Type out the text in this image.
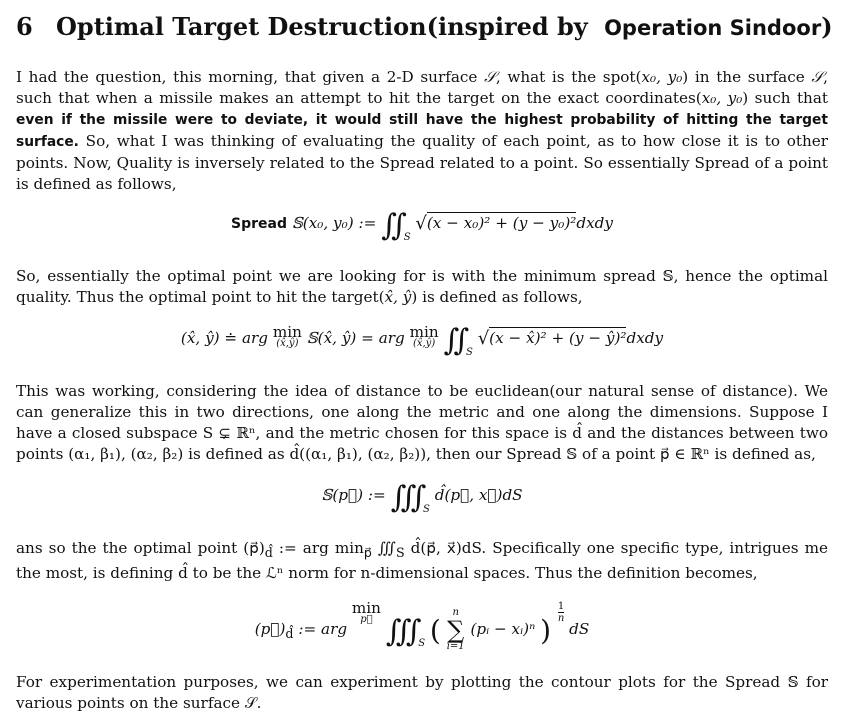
6 Optimal Target Destruction(inspired by Operation Sindoor)

I had the question, this morning, that given a 2-D surface 𝒮, what is the spot(x₀, y₀) in the surface 𝒮, such that when a missile makes an attempt to hit the target on the exact coordinates(x₀, y₀) such that even if the missile were to deviate, it would still have the highest probability of hitting the target surface. So, what I was thinking of evaluating the quality of each point, as to how close it is to other points. Now, Quality is inversely related to the Spread related to a point. So essentially Spread of a point is defined as follows,

Spread 𝕊(x₀, y₀) := ∬ $_S$ √(x − x₀)² + (y − y₀)²dxdy

So, essentially the optimal point we are looking for is with the minimum spread 𝕊, hence the optimal quality. Thus the optimal point to hit the target(x̂, ŷ) is defined as follows,

(x̂, ŷ) ≐ arg min
(x̂,ŷ) 𝕊(x̂, ŷ) = arg min
(x̂,ŷ) ∬ $_S$ √(x − x̂)² + (y − ŷ)²dxdy

This was working, considering the idea of distance to be euclidean(our natural sense of distance). We can generalize this in two directions, one along the metric and one along the dimensions. Suppose I have a closed subspace S ⊊ ℝⁿ, and the metric chosen for this space is d̂ and the distances between two points (α₁, β₁), (α₂, β₂) is defined as d̂((α₁, β₁), (α₂, β₂)), then our Spread 𝕊 of a point p⃗ ∈ ℝⁿ is defined as,

𝕊(p⃗) := ∭ $_S$ d̂(p⃗, x⃗)dS

ans so the the optimal point $(p⃗)_{d̂}$ := arg $\min_{p⃗}$ $∭_S$ d̂(p⃗, x⃗)dS. Specifically one specific type, intrigues me the most, is defining d̂ to be the ℒⁿ norm for n-dimensional spaces. Thus the definition becomes,

$(p⃗)_{d̂}$ := arg
min
p⃗ ∭ $_S$ (
n
∑
i=1
(pᵢ − xᵢ)ⁿ ) $\frac{1}{n}$ dS

For experimentation purposes, we can experiment by plotting the contour plots for the Spread 𝕊 for various points on the surface 𝒮.
